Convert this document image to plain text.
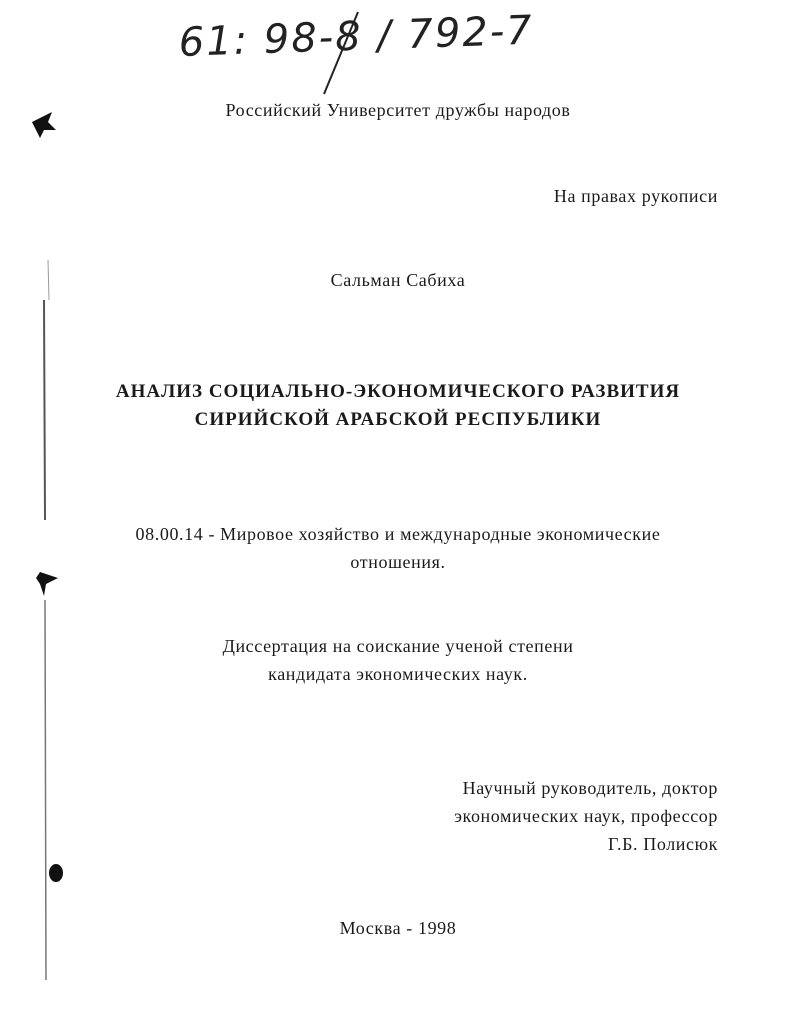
61: 98-8 / 792-7
Российский Университет дружбы народов
На правах рукописи
Сальман Сабиха
АНАЛИЗ СОЦИАЛЬНО-ЭКОНОМИЧЕСКОГО РАЗВИТИЯ
СИРИЙСКОЙ АРАБСКОЙ РЕСПУБЛИКИ
08.00.14 - Мировое хозяйство и международные экономические
отношения.
Диссертация на соискание ученой степени
кандидата экономических наук.
Научный руководитель, доктор
экономических наук, профессор
Г.Б. Полисюк
Москва - 1998
